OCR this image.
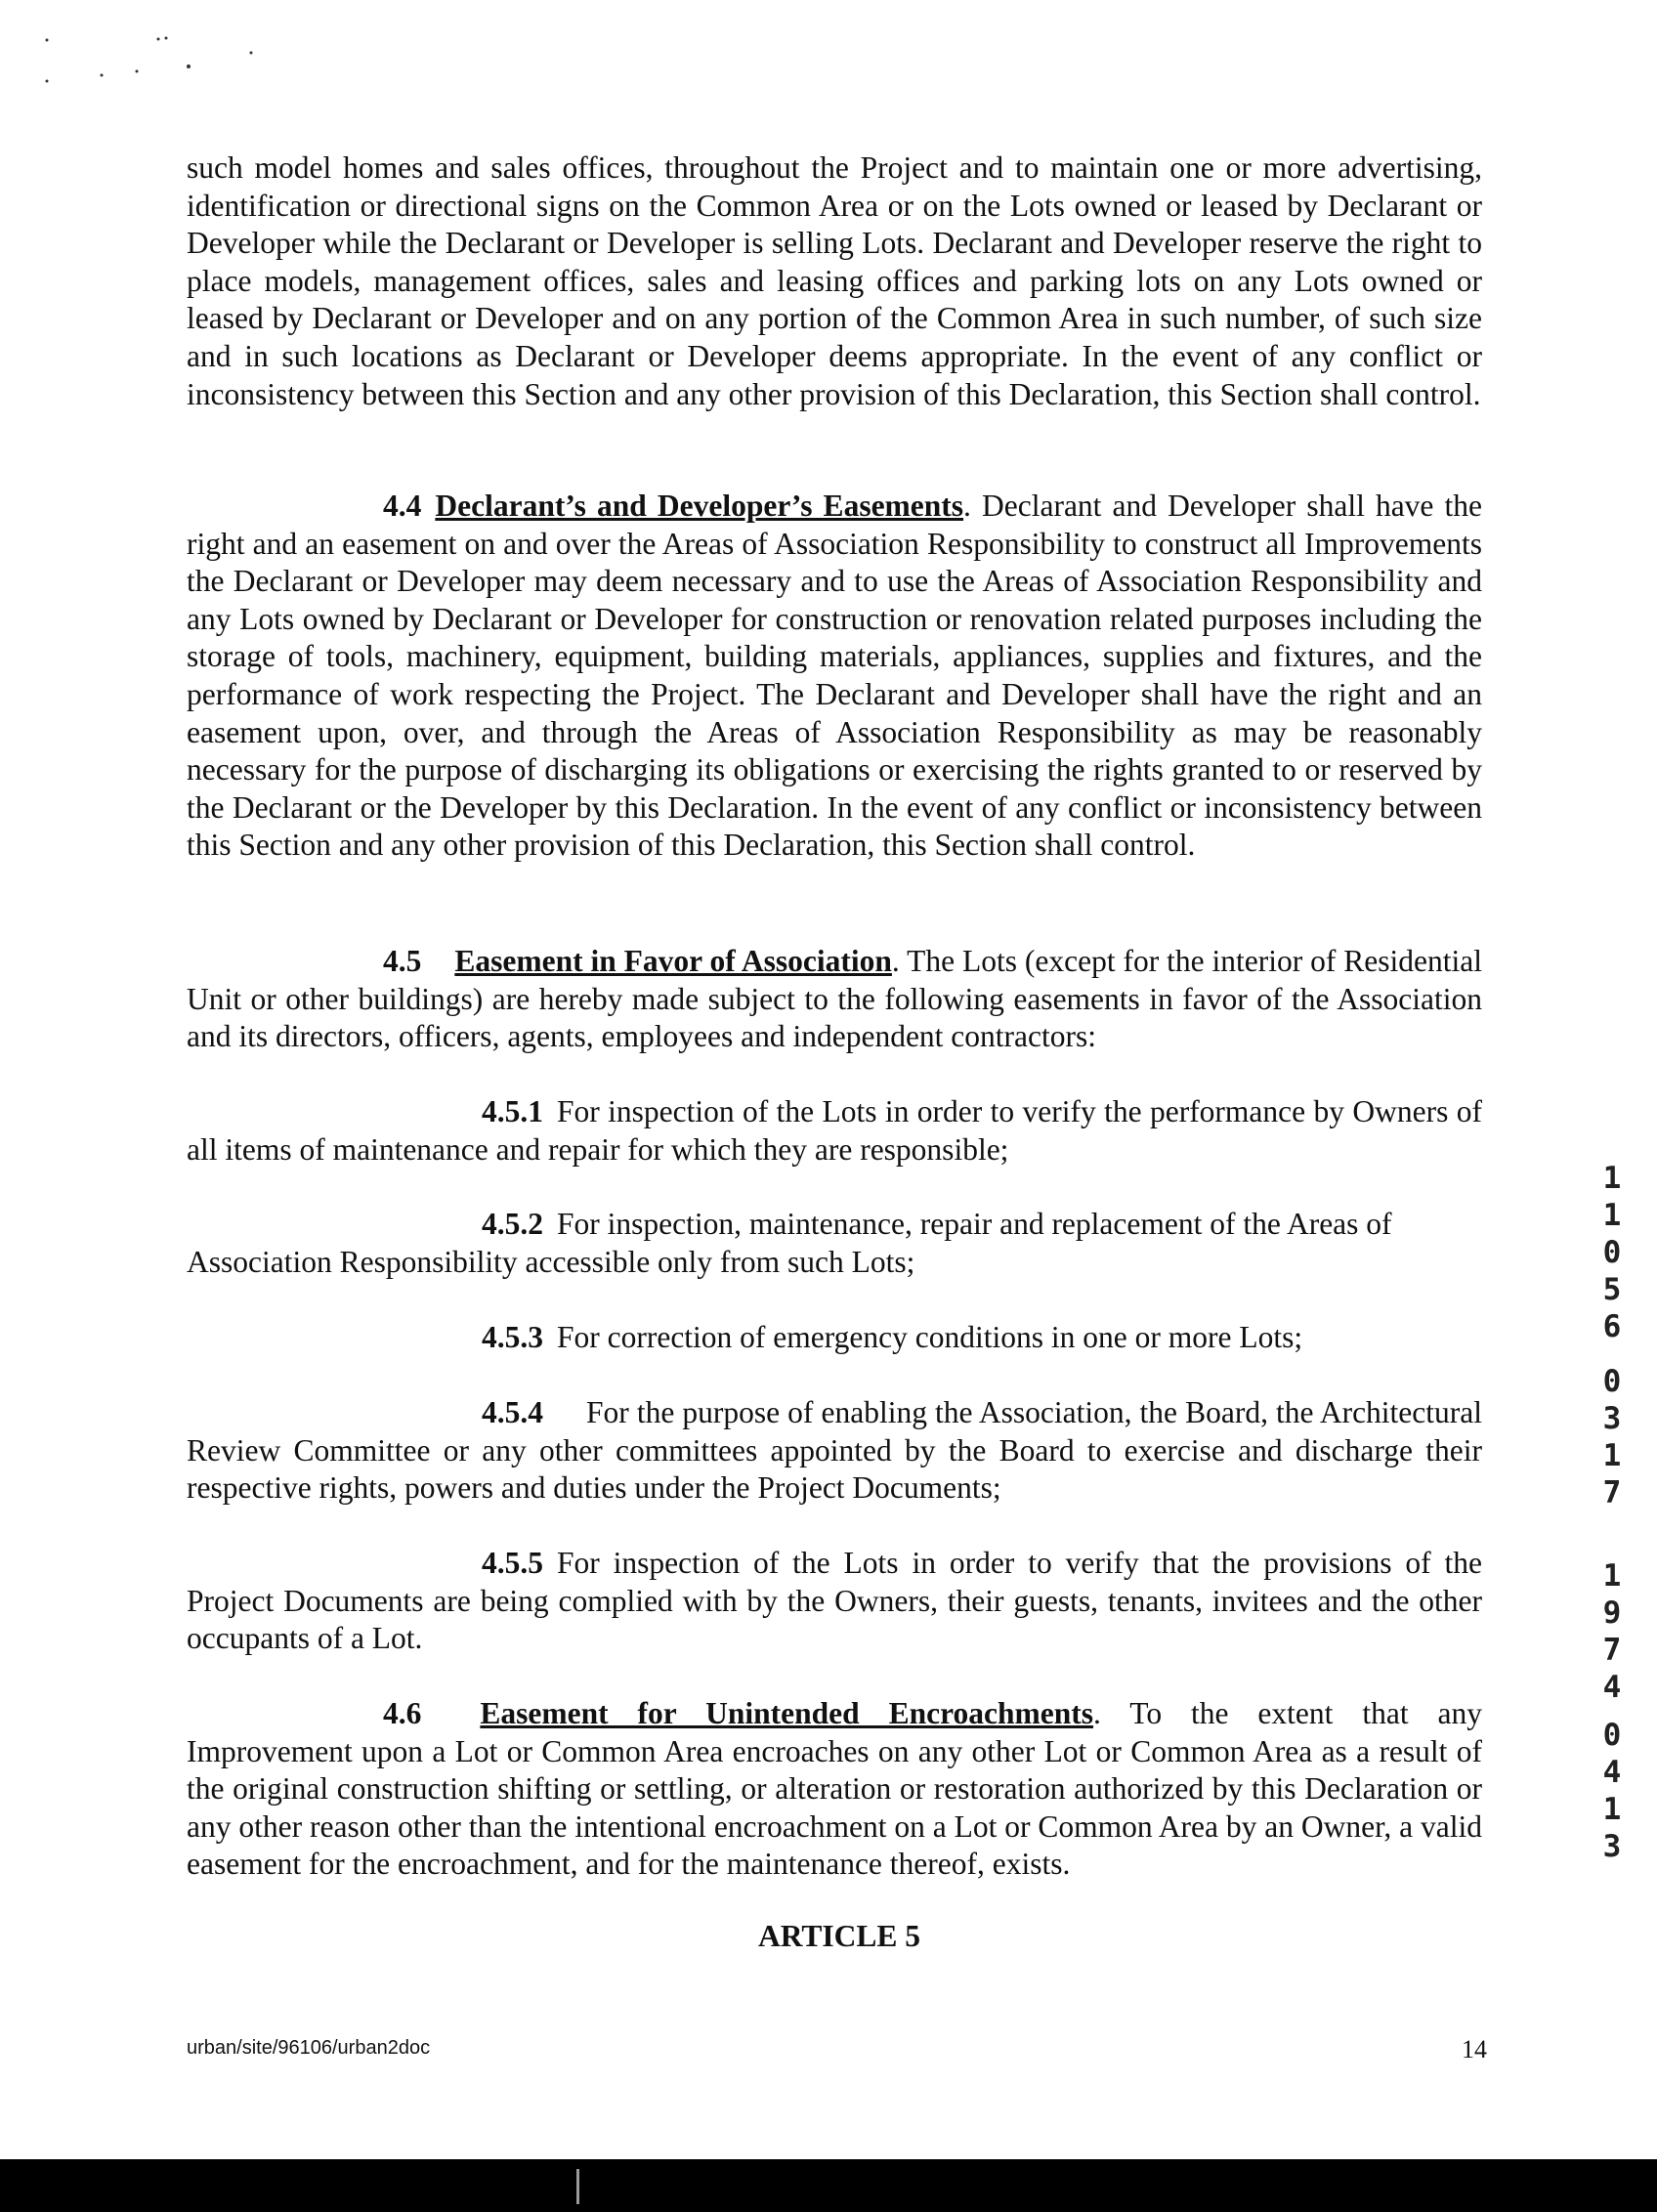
such model homes and sales offices, throughout the Project and to maintain one or more advertising, identification or directional signs on the Common Area or on the Lots owned or leased by Declarant or Developer while the Declarant or Developer is selling Lots. Declarant and Developer reserve the right to place models, management offices, sales and leasing offices and parking lots on any Lots owned or leased by Declarant or Developer and on any portion of the Common Area in such number, of such size and in such locations as Declarant or Developer deems appropriate. In the event of any conflict or inconsistency between this Section and any other provision of this Declaration, this Section shall control.

4.4 Declarant’s and Developer’s Easements. Declarant and Developer shall have the right and an easement on and over the Areas of Association Responsibility to construct all Improvements the Declarant or Developer may deem necessary and to use the Areas of Association Responsibility and any Lots owned by Declarant or Developer for construction or renovation related purposes including the storage of tools, machinery, equipment, building materials, appliances, supplies and fixtures, and the performance of work respecting the Project. The Declarant and Developer shall have the right and an easement upon, over, and through the Areas of Association Responsibility as may be reasonably necessary for the purpose of discharging its obligations or exercising the rights granted to or reserved by the Declarant or the Developer by this Declaration. In the event of any conflict or inconsistency between this Section and any other provision of this Declaration, this Section shall control.

4.5 Easement in Favor of Association. The Lots (except for the interior of Residential Unit or other buildings) are hereby made subject to the following easements in favor of the Association and its directors, officers, agents, employees and independent contractors:

4.5.1 For inspection of the Lots in order to verify the performance by Owners of all items of maintenance and repair for which they are responsible;

4.5.2 For inspection, maintenance, repair and replacement of the Areas of Association Responsibility accessible only from such Lots;

4.5.3 For correction of emergency conditions in one or more Lots;

4.5.4 For the purpose of enabling the Association, the Board, the Architectural Review Committee or any other committees appointed by the Board to exercise and discharge their respective rights, powers and duties under the Project Documents;

4.5.5 For inspection of the Lots in order to verify that the provisions of the Project Documents are being complied with by the Owners, their guests, tenants, invitees and the other occupants of a Lot.

4.6 Easement for Unintended Encroachments. To the extent that any Improvement upon a Lot or Common Area encroaches on any other Lot or Common Area as a result of the original construction shifting or settling, or alteration or restoration authorized by this Declaration or any other reason other than the intentional encroachment on a Lot or Common Area by an Owner, a valid easement for the encroachment, and for the maintenance thereof, exists.

ARTICLE 5
urban/site/96106/urban2doc	14
1
1
0
5
6
0
3
1
7
1
9
7
4
0
4
1
3
